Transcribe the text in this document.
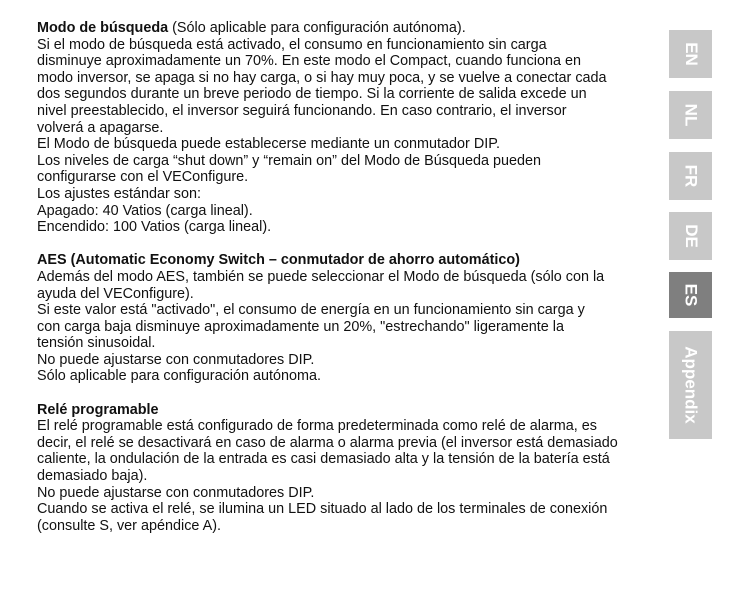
Modo de búsqueda (Sólo aplicable para configuración autónoma).

Si el modo de búsqueda está activado, el consumo en funcionamiento sin carga

disminuye aproximadamente un 70%. En este modo el Compact, cuando funciona en

modo inversor, se apaga si no hay carga, o si hay muy poca, y se vuelve a conectar cada

dos segundos durante un breve periodo de tiempo. Si la corriente de salida excede un

nivel preestablecido, el inversor seguirá funcionando. En caso contrario, el inversor

volverá a apagarse.

El Modo de búsqueda puede establecerse mediante un conmutador DIP.

Los niveles de carga “shut down” y “remain on” del Modo de Búsqueda pueden

configurarse con el VEConfigure.

Los ajustes estándar son:

Apagado: 40 Vatios (carga lineal).

Encendido: 100 Vatios (carga lineal).

AES (Automatic Economy Switch – conmutador de ahorro automático)

Además del modo AES, también se puede seleccionar el Modo de búsqueda (sólo con la

ayuda del VEConfigure).

Si este valor está "activado", el consumo de energía en un funcionamiento sin carga y

con carga baja disminuye aproximadamente un 20%, "estrechando" ligeramente la

tensión sinusoidal.

No puede ajustarse con conmutadores DIP.

Sólo aplicable para configuración autónoma.

Relé programable

El relé programable está configurado de forma predeterminada como relé de alarma, es

decir, el relé se desactivará en caso de alarma o alarma previa (el inversor está demasiado

caliente, la ondulación de la entrada es casi demasiado alta y la tensión de la batería está

demasiado baja).

No puede ajustarse con conmutadores DIP.

Cuando se activa el relé, se ilumina un LED situado al lado de los terminales de conexión

(consulte S, ver apéndice A).

EN
NL
FR
DE
ES
Appendix
